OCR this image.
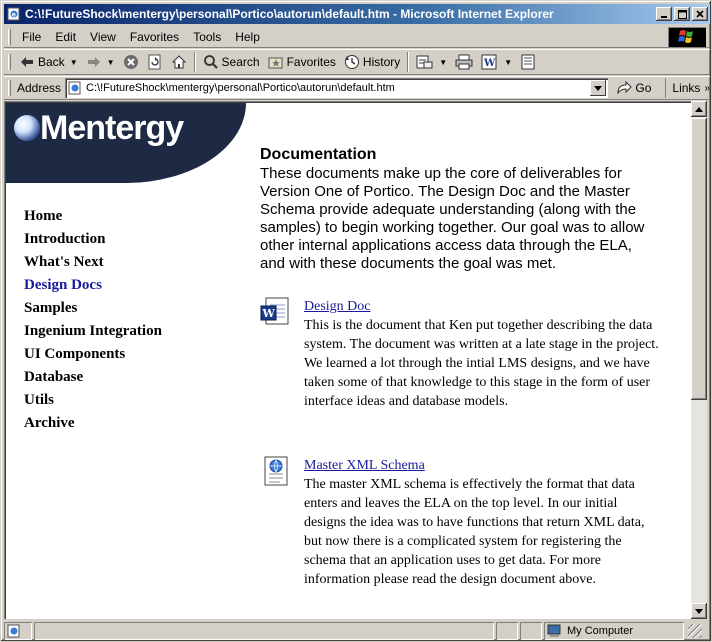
e C:\!FutureShock\mentergy\personal\Portico\autorun\default.htm - Microsoft Internet Explorer
File	Edit	View	Favorites	Tools	Help
Back ▼	▼	Search Favorites History	▼	W ▼
Address	C:\!FutureShock\mentergy\personal\Portico\autorun\default.htm	Go Links »
Mentergy
Home
Introduction
What's Next
Design Docs
Samples
Ingenium Integration
UI Components
Database
Utils
Archive
Documentation

These documents make up the core of deliverables for Version One of Portico. The Design Doc and the Master Schema provide adequate understanding (along with the samples) to begin working together. Our goal was to allow other internal applications access data through the ELA, and with these documents the goal was met.

W Design Doc
This is the document that Ken put together describing the data system. The document was written at a late stage in the project. We learned a lot through the intial LMS designs, and we have taken some of that knowledge to this stage in the form of user interface ideas and database models.
Master XML Schema
The master XML schema is effectively the format that data enters and leaves the ELA on the top level. In our initial designs the idea was to have functions that return XML data, but now there is a complicated system for registering the schema that an application uses to get data. For more information please read the design document above.
My Computer
